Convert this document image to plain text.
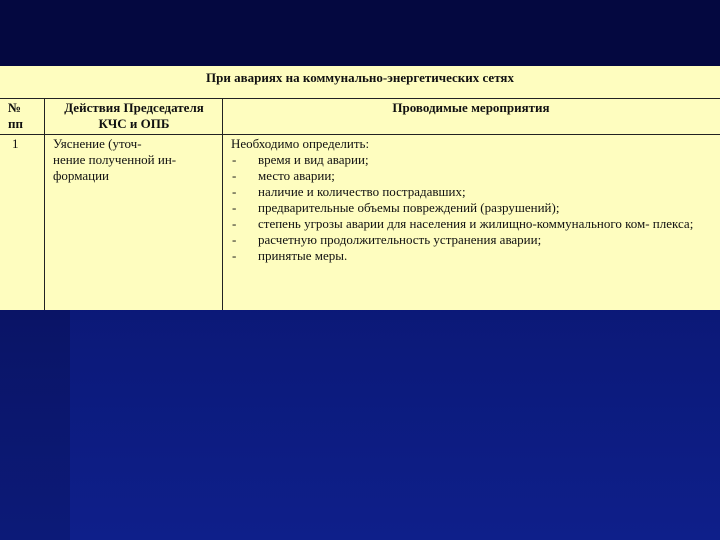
При авариях на коммунально-энергетических сетях
№
пп
Действия Председателя
КЧС и ОПБ
Проводимые мероприятия
1	Уяснение (уточ-
нение полученной ин-
формации
Необходимо определить:
- время и вид аварии;
- место аварии;
- наличие и количество пострадавших;
- предварительные объемы повреждений (разрушений);
- степень угрозы аварии для населения и жилищно-коммунального ком- плекса;
- расчетную продолжительность устранения аварии;
- принятые меры.
